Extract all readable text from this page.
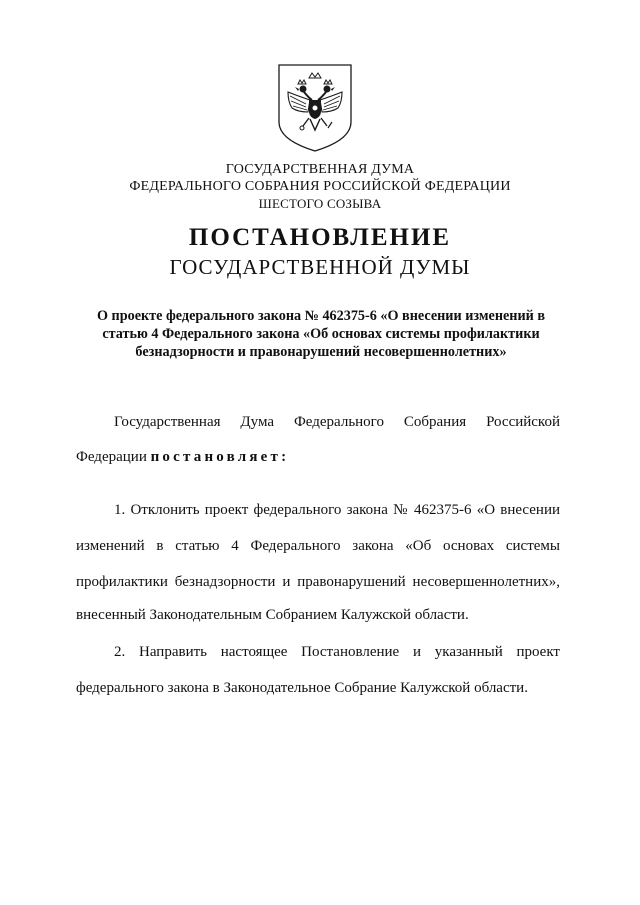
ГОСУДАРСТВЕННАЯ ДУМА
ФЕДЕРАЛЬНОГО СОБРАНИЯ РОССИЙСКОЙ ФЕДЕРАЦИИ
ШЕСТОГО СОЗЫВА
ПОСТАНОВЛЕНИЕ
ГОСУДАРСТВЕННОЙ ДУМЫ
О проекте федерального закона № 462375-6 «О внесении изменений в
статью 4 Федерального закона «Об основах системы профилактики
безнадзорности и правонарушений несовершеннолетних»
Государственная Дума Федерального Собрания Российской
Федерации постановляет:
1. Отклонить проект федерального закона № 462375-6 «О внесении
изменений в статью 4 Федерального закона «Об основах системы
профилактики безнадзорности и правонарушений несовершеннолетних»,
внесенный Законодательным Собранием Калужской области.
2. Направить настоящее Постановление и указанный проект
федерального закона в Законодательное Собрание Калужской области.
